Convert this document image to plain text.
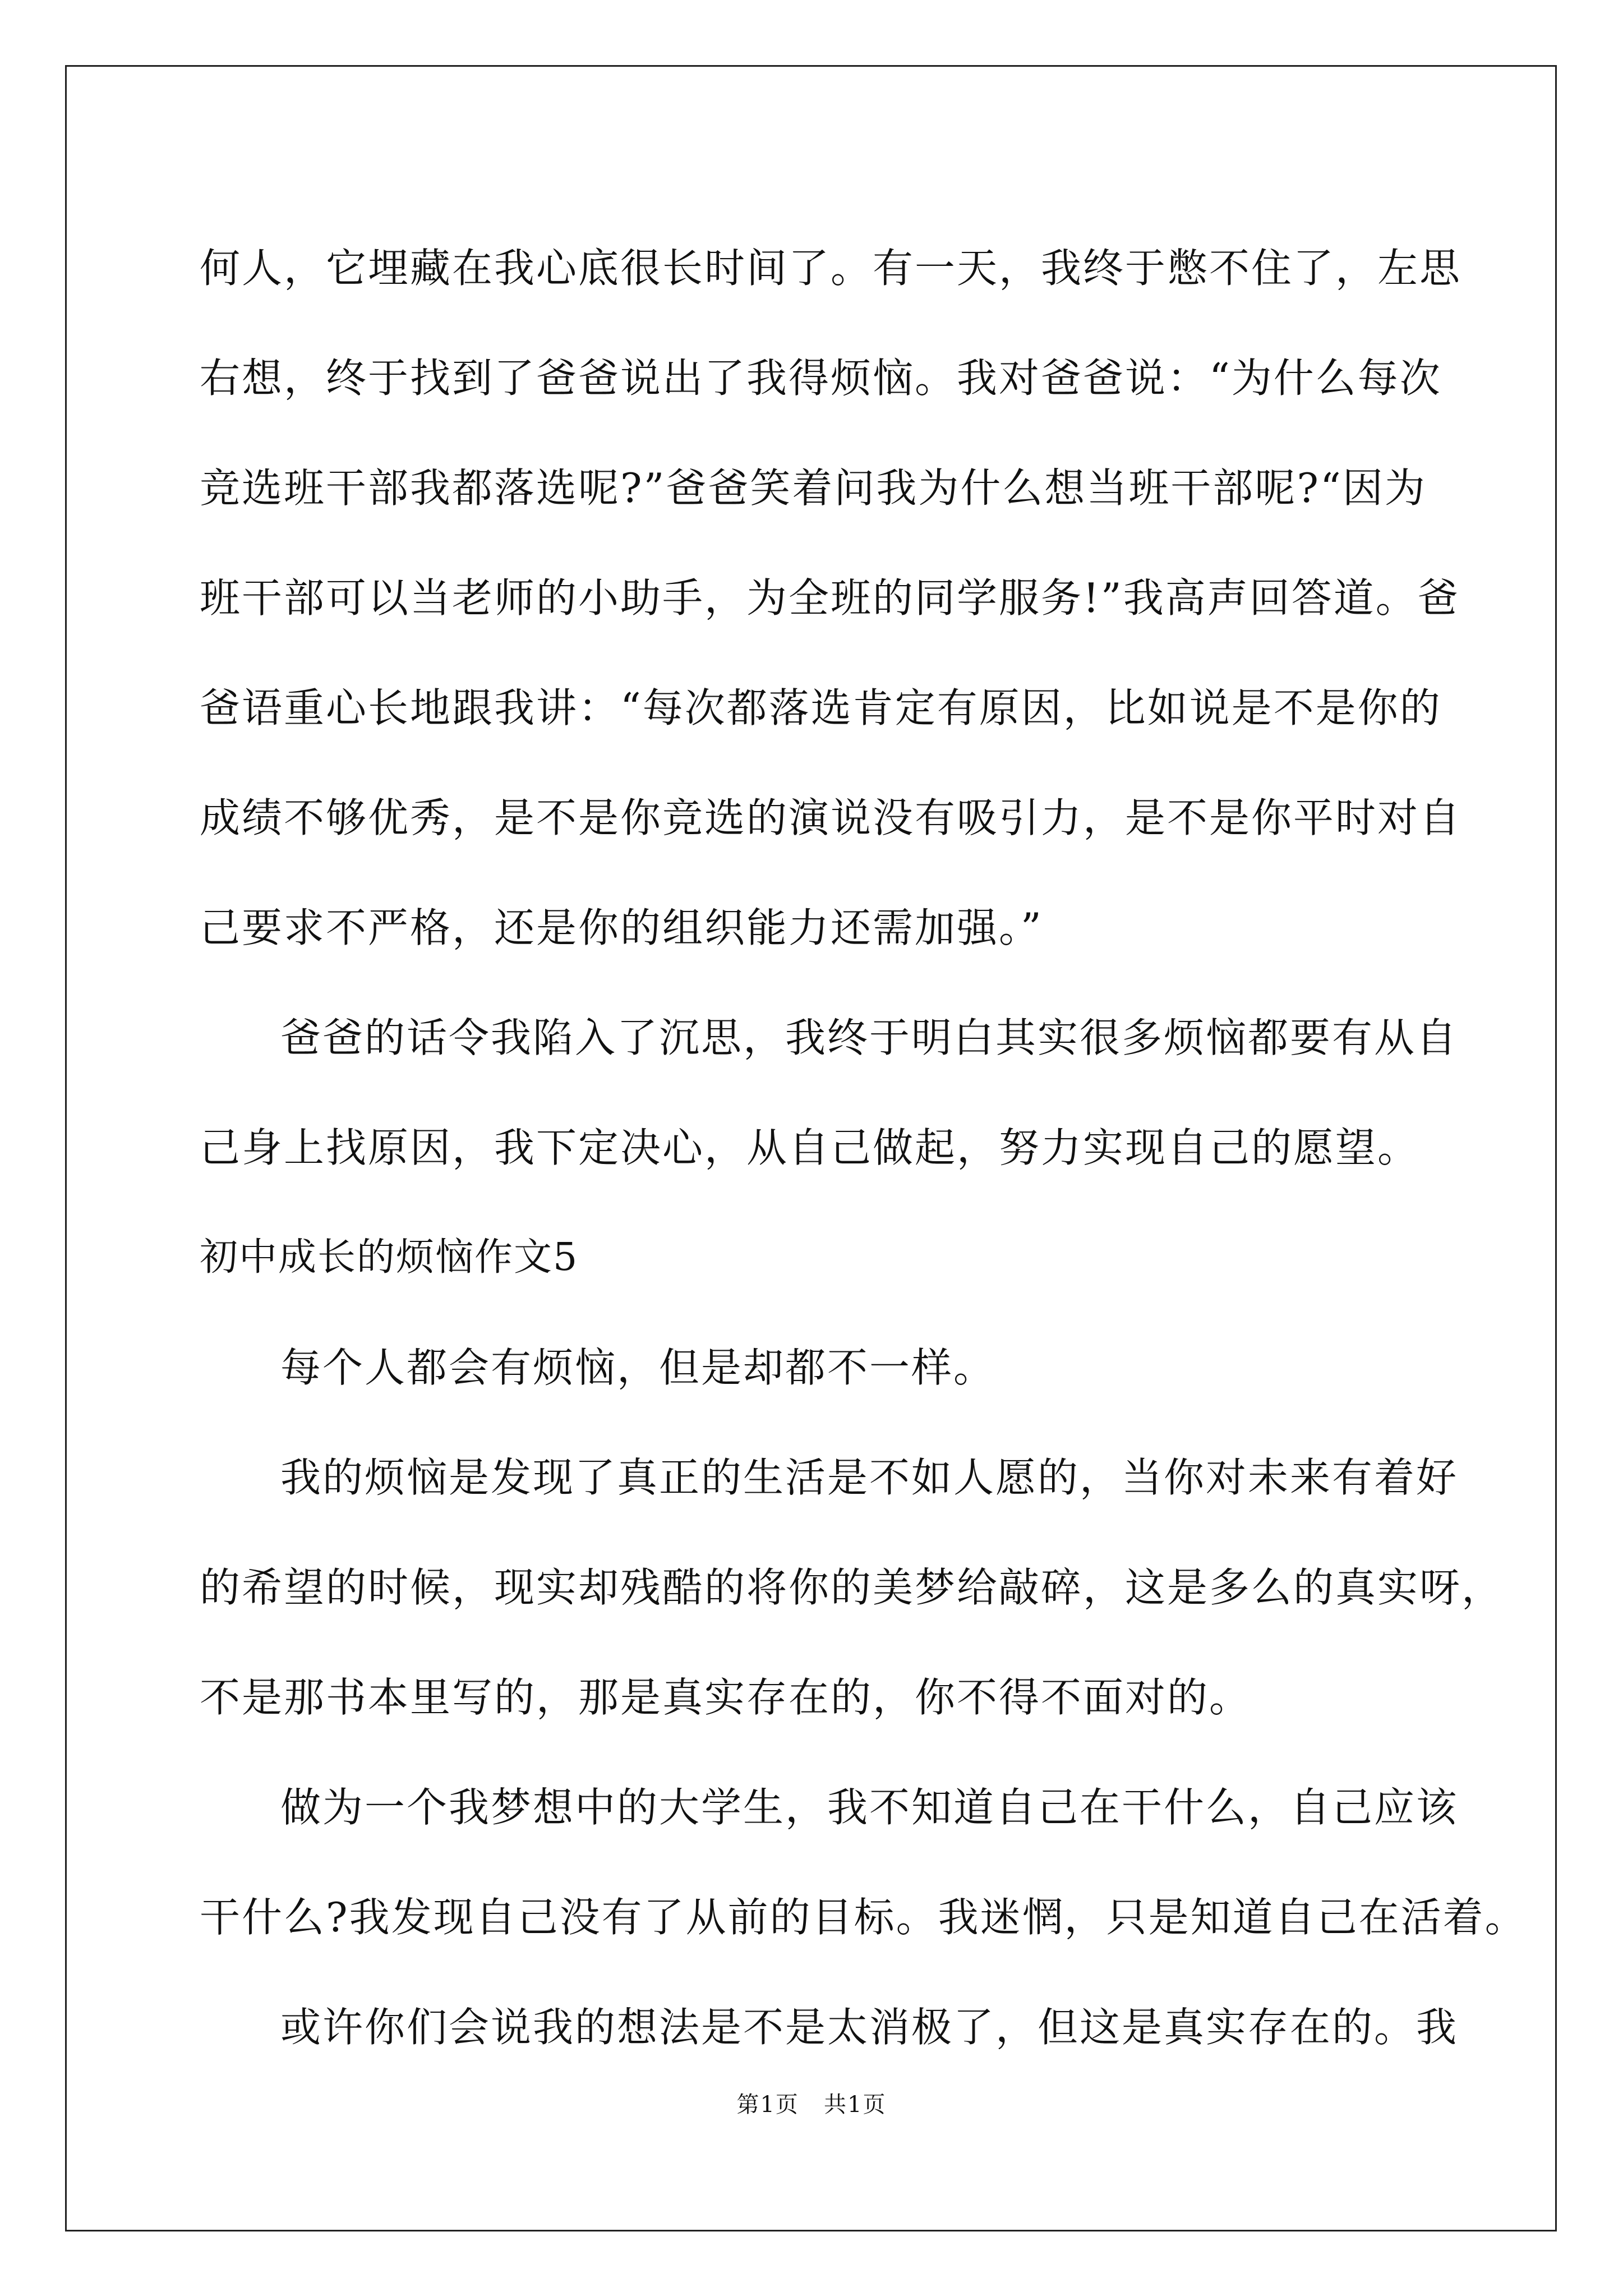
何人，它埋藏在我心底很长时间了。有一天，我终于憋不住了，左思
右想，终于找到了爸爸说出了我得烦恼。我对爸爸说：“为什么每次
竞选班干部我都落选呢?”爸爸笑着问我为什么想当班干部呢?“因为
班干部可以当老师的小助手，为全班的同学服务!”我高声回答道。爸
爸语重心长地跟我讲：“每次都落选肯定有原因，比如说是不是你的
成绩不够优秀，是不是你竞选的演说没有吸引力，是不是你平时对自
己要求不严格，还是你的组织能力还需加强。”
爸爸的话令我陷入了沉思，我终于明白其实很多烦恼都要有从自
己身上找原因，我下定决心，从自己做起，努力实现自己的愿望。
初中成长的烦恼作文5
每个人都会有烦恼，但是却都不一样。
我的烦恼是发现了真正的生活是不如人愿的，当你对未来有着好
的希望的时候，现实却残酷的将你的美梦给敲碎，这是多么的真实呀，
不是那书本里写的，那是真实存在的，你不得不面对的。
做为一个我梦想中的大学生，我不知道自己在干什么，自己应该
干什么?我发现自己没有了从前的目标。我迷惘，只是知道自己在活着。
或许你们会说我的想法是不是太消极了，但这是真实存在的。我
第1页   共1页
